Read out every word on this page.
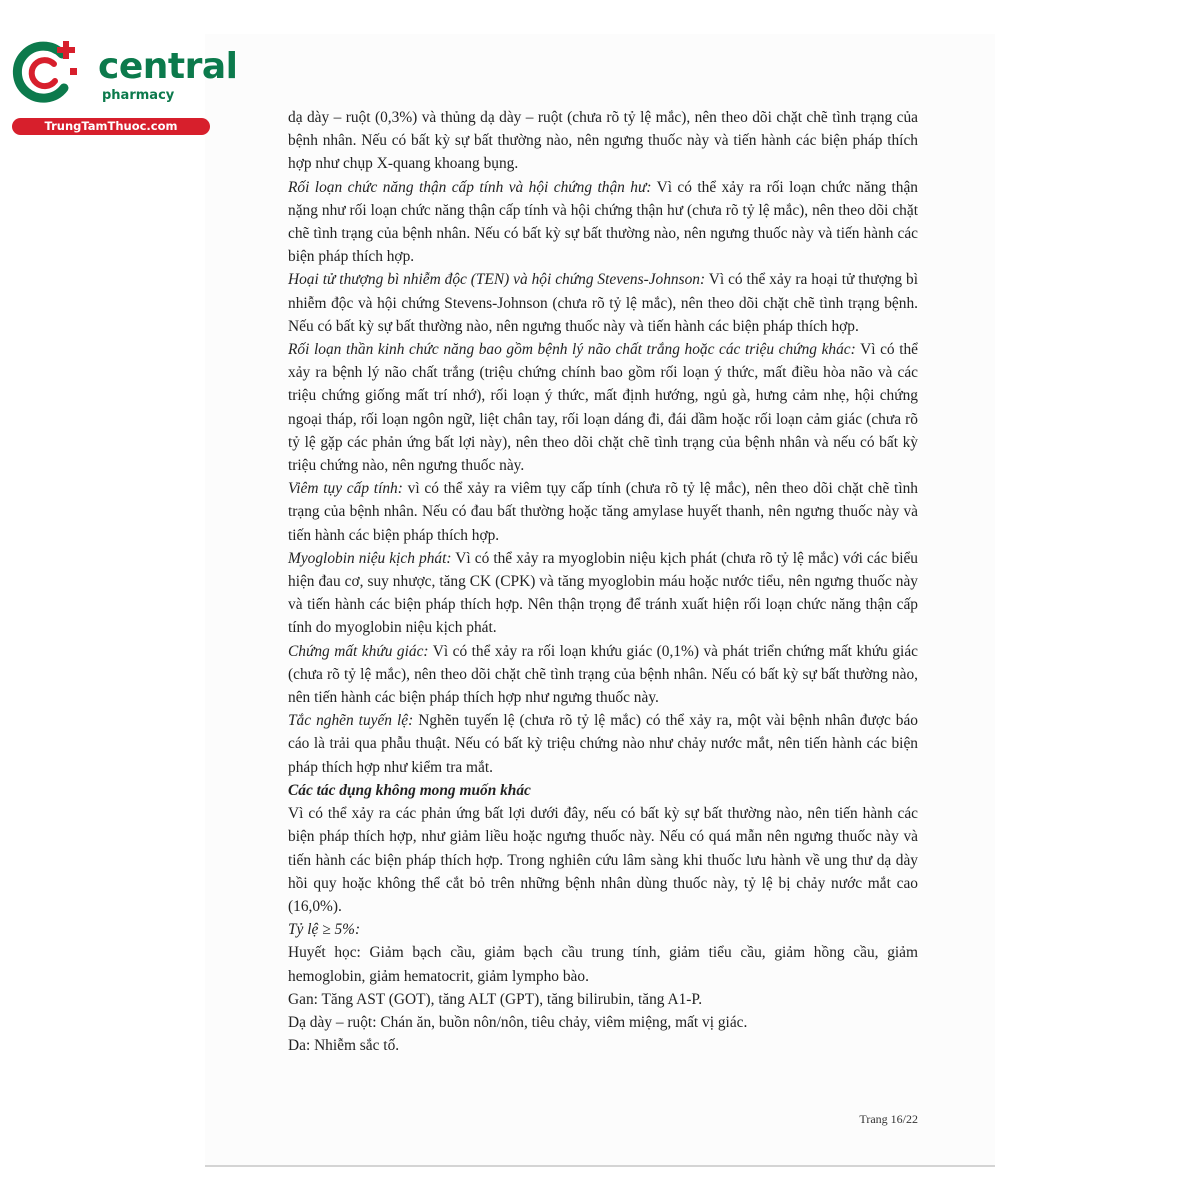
central
pharmacy
TrungTamThuoc.com	dạ dày – ruột (0,3%) và thủng dạ dày – ruột (chưa rõ tỷ lệ mắc), nên theo dõi chặt chẽ tình trạng của bệnh nhân. Nếu có bất kỳ sự bất thường nào, nên ngưng thuốc này và tiến hành các biện pháp thích hợp như chụp X-quang khoang bụng.

Rối loạn chức năng thận cấp tính và hội chứng thận hư: Vì có thể xảy ra rối loạn chức năng thận nặng như rối loạn chức năng thận cấp tính và hội chứng thận hư (chưa rõ tỷ lệ mắc), nên theo dõi chặt chẽ tình trạng của bệnh nhân. Nếu có bất kỳ sự bất thường nào, nên ngưng thuốc này và tiến hành các biện pháp thích hợp.

Hoại tử thượng bì nhiễm độc (TEN) và hội chứng Stevens-Johnson: Vì có thể xảy ra hoại tử thượng bì nhiễm độc và hội chứng Stevens-Johnson (chưa rõ tỷ lệ mắc), nên theo dõi chặt chẽ tình trạng bệnh. Nếu có bất kỳ sự bất thường nào, nên ngưng thuốc này và tiến hành các biện pháp thích hợp.

Rối loạn thần kinh chức năng bao gồm bệnh lý não chất trắng hoặc các triệu chứng khác: Vì có thể xảy ra bệnh lý não chất trắng (triệu chứng chính bao gồm rối loạn ý thức, mất điều hòa não và các triệu chứng giống mất trí nhớ), rối loạn ý thức, mất định hướng, ngủ gà, hưng cảm nhẹ, hội chứng ngoại tháp, rối loạn ngôn ngữ, liệt chân tay, rối loạn dáng đi, đái dầm hoặc rối loạn cảm giác (chưa rõ tỷ lệ gặp các phản ứng bất lợi này), nên theo dõi chặt chẽ tình trạng của bệnh nhân và nếu có bất kỳ triệu chứng nào, nên ngưng thuốc này.

Viêm tụy cấp tính: vì có thể xảy ra viêm tụy cấp tính (chưa rõ tỷ lệ mắc), nên theo dõi chặt chẽ tình trạng của bệnh nhân. Nếu có đau bất thường hoặc tăng amylase huyết thanh, nên ngưng thuốc này và tiến hành các biện pháp thích hợp.

Myoglobin niệu kịch phát: Vì có thể xảy ra myoglobin niệu kịch phát (chưa rõ tỷ lệ mắc) với các biểu hiện đau cơ, suy nhược, tăng CK (CPK) và tăng myoglobin máu hoặc nước tiểu, nên ngưng thuốc này và tiến hành các biện pháp thích hợp. Nên thận trọng để tránh xuất hiện rối loạn chức năng thận cấp tính do myoglobin niệu kịch phát.

Chứng mất khứu giác: Vì có thể xảy ra rối loạn khứu giác (0,1%) và phát triển chứng mất khứu giác (chưa rõ tỷ lệ mắc), nên theo dõi chặt chẽ tình trạng của bệnh nhân. Nếu có bất kỳ sự bất thường nào, nên tiến hành các biện pháp thích hợp như ngưng thuốc này.

Tắc nghẽn tuyến lệ: Nghẽn tuyến lệ (chưa rõ tỷ lệ mắc) có thể xảy ra, một vài bệnh nhân được báo cáo là trải qua phẫu thuật. Nếu có bất kỳ triệu chứng nào như chảy nước mắt, nên tiến hành các biện pháp thích hợp như kiểm tra mắt.

Các tác dụng không mong muốn khác

Vì có thể xảy ra các phản ứng bất lợi dưới đây, nếu có bất kỳ sự bất thường nào, nên tiến hành các biện pháp thích hợp, như giảm liều hoặc ngưng thuốc này. Nếu có quá mẫn nên ngưng thuốc này và tiến hành các biện pháp thích hợp. Trong nghiên cứu lâm sàng khi thuốc lưu hành về ung thư dạ dày hồi quy hoặc không thể cắt bỏ trên những bệnh nhân dùng thuốc này, tỷ lệ bị chảy nước mắt cao (16,0%).

Tỷ lệ ≥ 5%:

Huyết học: Giảm bạch cầu, giảm bạch cầu trung tính, giảm tiểu cầu, giảm hồng cầu, giảm hemoglobin, giảm hematocrit, giảm lympho bào.

Gan: Tăng AST (GOT), tăng ALT (GPT), tăng bilirubin, tăng A1-P.

Dạ dày – ruột: Chán ăn, buồn nôn/nôn, tiêu chảy, viêm miệng, mất vị giác.

Da: Nhiễm sắc tố.

Trang 16/22
